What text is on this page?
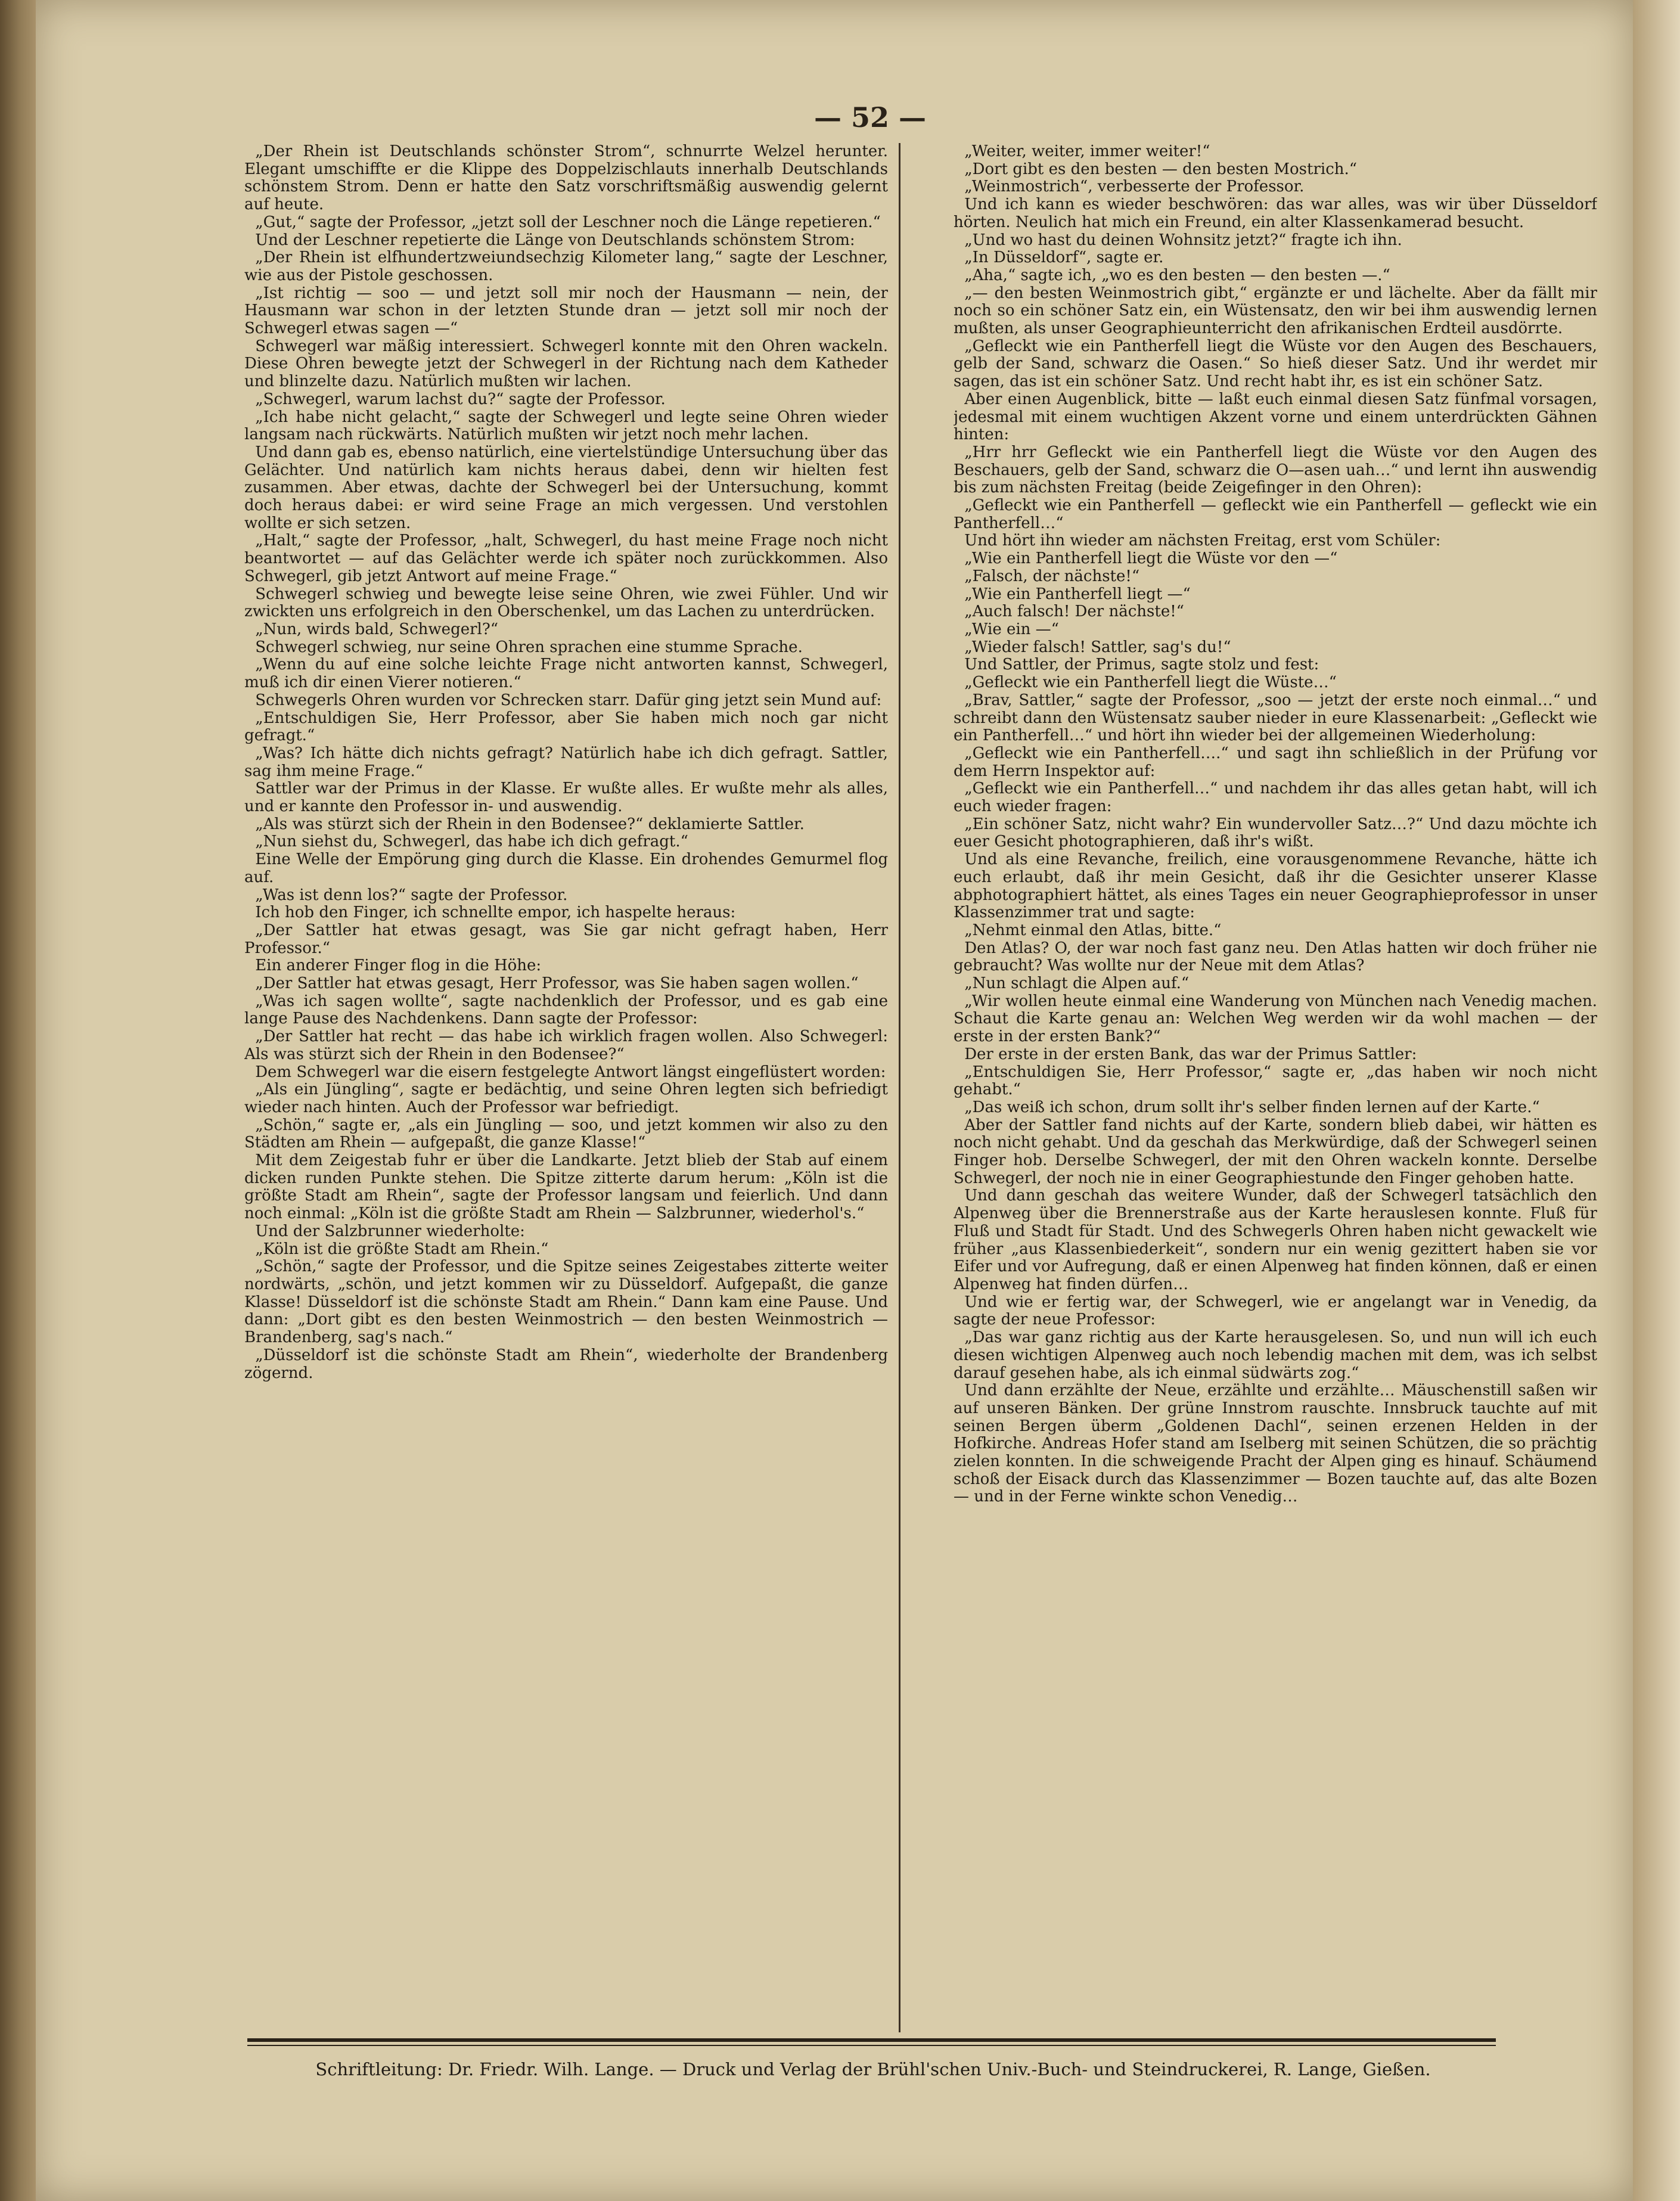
— 52 —

„Der Rhein ist Deutschlands schönster Strom“, schnurrte Welzel herunter. Elegant umschiffte er die Klippe des Doppelzischlauts innerhalb Deutschlands schönstem Strom. Denn er hatte den Satz vorschriftsmäßig auswendig gelernt auf heute.

„Gut,“ sagte der Professor, „jetzt soll der Leschner noch die Länge repetieren.“

Und der Leschner repetierte die Länge von Deutschlands schönstem Strom:

„Der Rhein ist elfhundertzweiundsechzig Kilometer lang,“ sagte der Leschner, wie aus der Pistole geschossen.

„Ist richtig — soo — und jetzt soll mir noch der Hausmann — nein, der Hausmann war schon in der letzten Stunde dran — jetzt soll mir noch der Schwegerl etwas sagen —“

Schwegerl war mäßig interessiert. Schwegerl konnte mit den Ohren wackeln. Diese Ohren bewegte jetzt der Schwegerl in der Richtung nach dem Katheder und blinzelte dazu. Natürlich mußten wir lachen.

„Schwegerl, warum lachst du?“ sagte der Professor.

„Ich habe nicht gelacht,“ sagte der Schwegerl und legte seine Ohren wieder langsam nach rückwärts. Natürlich mußten wir jetzt noch mehr lachen.

Und dann gab es, ebenso natürlich, eine viertelstündige Untersuchung über das Gelächter. Und natürlich kam nichts heraus dabei, denn wir hielten fest zusammen. Aber etwas, dachte der Schwegerl bei der Untersuchung, kommt doch heraus dabei: er wird seine Frage an mich vergessen. Und verstohlen wollte er sich setzen.

„Halt,“ sagte der Professor, „halt, Schwegerl, du hast meine Frage noch nicht beantwortet — auf das Gelächter werde ich später noch zurückkommen. Also Schwegerl, gib jetzt Antwort auf meine Frage.“

Schwegerl schwieg und bewegte leise seine Ohren, wie zwei Fühler. Und wir zwickten uns erfolgreich in den Oberschenkel, um das Lachen zu unterdrücken.

„Nun, wirds bald, Schwegerl?“

Schwegerl schwieg, nur seine Ohren sprachen eine stumme Sprache.

„Wenn du auf eine solche leichte Frage nicht antworten kannst, Schwegerl, muß ich dir einen Vierer notieren.“

Schwegerls Ohren wurden vor Schrecken starr. Dafür ging jetzt sein Mund auf:

„Entschuldigen Sie, Herr Professor, aber Sie haben mich noch gar nicht gefragt.“

„Was? Ich hätte dich nichts gefragt? Natürlich habe ich dich gefragt. Sattler, sag ihm meine Frage.“

Sattler war der Primus in der Klasse. Er wußte alles. Er wußte mehr als alles, und er kannte den Professor in- und auswendig.

„Als was stürzt sich der Rhein in den Bodensee?“ deklamierte Sattler.

„Nun siehst du, Schwegerl, das habe ich dich gefragt.“

Eine Welle der Empörung ging durch die Klasse. Ein drohendes Gemurmel flog auf.

„Was ist denn los?“ sagte der Professor.

Ich hob den Finger, ich schnellte empor, ich haspelte heraus:

„Der Sattler hat etwas gesagt, was Sie gar nicht gefragt haben, Herr Professor.“

Ein anderer Finger flog in die Höhe:

„Der Sattler hat etwas gesagt, Herr Professor, was Sie haben sagen wollen.“

„Was ich sagen wollte“, sagte nachdenklich der Professor, und es gab eine lange Pause des Nachdenkens. Dann sagte der Professor:

„Der Sattler hat recht — das habe ich wirklich fragen wollen. Also Schwegerl: Als was stürzt sich der Rhein in den Bodensee?“

Dem Schwegerl war die eisern festgelegte Antwort längst eingeflüstert worden:

„Als ein Jüngling“, sagte er bedächtig, und seine Ohren legten sich befriedigt wieder nach hinten. Auch der Professor war befriedigt.

„Schön,“ sagte er, „als ein Jüngling — soo, und jetzt kommen wir also zu den Städten am Rhein — aufgepaßt, die ganze Klasse!“

Mit dem Zeigestab fuhr er über die Landkarte. Jetzt blieb der Stab auf einem dicken runden Punkte stehen. Die Spitze zitterte darum herum: „Köln ist die größte Stadt am Rhein“, sagte der Professor langsam und feierlich. Und dann noch einmal: „Köln ist die größte Stadt am Rhein — Salzbrunner, wiederhol's.“

Und der Salzbrunner wiederholte:

„Köln ist die größte Stadt am Rhein.“

„Schön,“ sagte der Professor, und die Spitze seines Zeigestabes zitterte weiter nordwärts, „schön, und jetzt kommen wir zu Düsseldorf. Aufgepaßt, die ganze Klasse! Düsseldorf ist die schönste Stadt am Rhein.“ Dann kam eine Pause. Und dann: „Dort gibt es den besten Weinmostrich — den besten Weinmostrich — Brandenberg, sag's nach.“

„Düsseldorf ist die schönste Stadt am Rhein“, wiederholte der Brandenberg zögernd.

„Weiter, weiter, immer weiter!“

„Dort gibt es den besten — den besten Mostrich.“

„Weinmostrich“, verbesserte der Professor.

Und ich kann es wieder beschwören: das war alles, was wir über Düsseldorf hörten. Neulich hat mich ein Freund, ein alter Klassenkamerad besucht.

„Und wo hast du deinen Wohnsitz jetzt?“ fragte ich ihn.

„In Düsseldorf“, sagte er.

„Aha,“ sagte ich, „wo es den besten — den besten —.“

„— den besten Weinmostrich gibt,“ ergänzte er und lächelte. Aber da fällt mir noch so ein schöner Satz ein, ein Wüstensatz, den wir bei ihm auswendig lernen mußten, als unser Geographieunterricht den afrikanischen Erdteil ausdörrte.

„Gefleckt wie ein Pantherfell liegt die Wüste vor den Augen des Beschauers, gelb der Sand, schwarz die Oasen.“ So hieß dieser Satz. Und ihr werdet mir sagen, das ist ein schöner Satz. Und recht habt ihr, es ist ein schöner Satz.

Aber einen Augenblick, bitte — laßt euch einmal diesen Satz fünfmal vorsagen, jedesmal mit einem wuchtigen Akzent vorne und einem unterdrückten Gähnen hinten:

„Hrr hrr Gefleckt wie ein Pantherfell liegt die Wüste vor den Augen des Beschauers, gelb der Sand, schwarz die O—asen uah…“ und lernt ihn auswendig bis zum nächsten Freitag (beide Zeigefinger in den Ohren):

„Gefleckt wie ein Pantherfell — gefleckt wie ein Pantherfell — gefleckt wie ein Pantherfell…“

Und hört ihn wieder am nächsten Freitag, erst vom Schüler:

„Wie ein Pantherfell liegt die Wüste vor den —“

„Falsch, der nächste!“

„Wie ein Pantherfell liegt —“

„Auch falsch! Der nächste!“

„Wie ein —“

„Wieder falsch! Sattler, sag's du!“

Und Sattler, der Primus, sagte stolz und fest:

„Gefleckt wie ein Pantherfell liegt die Wüste…“

„Brav, Sattler,“ sagte der Professor, „soo — jetzt der erste noch einmal…“ und schreibt dann den Wüstensatz sauber nieder in eure Klassenarbeit: „Gefleckt wie ein Pantherfell…“ und hört ihn wieder bei der allgemeinen Wiederholung:

„Gefleckt wie ein Pantherfell….“ und sagt ihn schließlich in der Prüfung vor dem Herrn Inspektor auf:

„Gefleckt wie ein Pantherfell…“ und nachdem ihr das alles getan habt, will ich euch wieder fragen:

„Ein schöner Satz, nicht wahr? Ein wundervoller Satz…?“ Und dazu möchte ich euer Gesicht photographieren, daß ihr's wißt.

Und als eine Revanche, freilich, eine vorausgenommene Revanche, hätte ich euch erlaubt, daß ihr mein Gesicht, daß ihr die Gesichter unserer Klasse abphotographiert hättet, als eines Tages ein neuer Geographieprofessor in unser Klassenzimmer trat und sagte:

„Nehmt einmal den Atlas, bitte.“

Den Atlas? O, der war noch fast ganz neu. Den Atlas hatten wir doch früher nie gebraucht? Was wollte nur der Neue mit dem Atlas?

„Nun schlagt die Alpen auf.“

„Wir wollen heute einmal eine Wanderung von München nach Venedig machen. Schaut die Karte genau an: Welchen Weg werden wir da wohl machen — der erste in der ersten Bank?“

Der erste in der ersten Bank, das war der Primus Sattler:

„Entschuldigen Sie, Herr Professor,“ sagte er, „das haben wir noch nicht gehabt.“

„Das weiß ich schon, drum sollt ihr's selber finden lernen auf der Karte.“

Aber der Sattler fand nichts auf der Karte, sondern blieb dabei, wir hätten es noch nicht gehabt. Und da geschah das Merkwürdige, daß der Schwegerl seinen Finger hob. Derselbe Schwegerl, der mit den Ohren wackeln konnte. Derselbe Schwegerl, der noch nie in einer Geographiestunde den Finger gehoben hatte.

Und dann geschah das weitere Wunder, daß der Schwegerl tatsächlich den Alpenweg über die Brennerstraße aus der Karte herauslesen konnte. Fluß für Fluß und Stadt für Stadt. Und des Schwegerls Ohren haben nicht gewackelt wie früher „aus Klassenbiederkeit“, sondern nur ein wenig gezittert haben sie vor Eifer und vor Aufregung, daß er einen Alpenweg hat finden können, daß er einen Alpenweg hat finden dürfen…

Und wie er fertig war, der Schwegerl, wie er angelangt war in Venedig, da sagte der neue Professor:

„Das war ganz richtig aus der Karte herausgelesen. So, und nun will ich euch diesen wichtigen Alpenweg auch noch lebendig machen mit dem, was ich selbst darauf gesehen habe, als ich einmal südwärts zog.“

Und dann erzählte der Neue, erzählte und erzählte… Mäuschenstill saßen wir auf unseren Bänken. Der grüne Innstrom rauschte. Innsbruck tauchte auf mit seinen Bergen überm „Goldenen Dachl“, seinen erzenen Helden in der Hofkirche. Andreas Hofer stand am Iselberg mit seinen Schützen, die so prächtig zielen konnten. In die schweigende Pracht der Alpen ging es hinauf. Schäumend schoß der Eisack durch das Klassenzimmer — Bozen tauchte auf, das alte Bozen — und in der Ferne winkte schon Venedig…

Schriftleitung: Dr. Friedr. Wilh. Lange. — Druck und Verlag der Brühl'schen Univ.-Buch- und Steindruckerei, R. Lange, Gießen.
